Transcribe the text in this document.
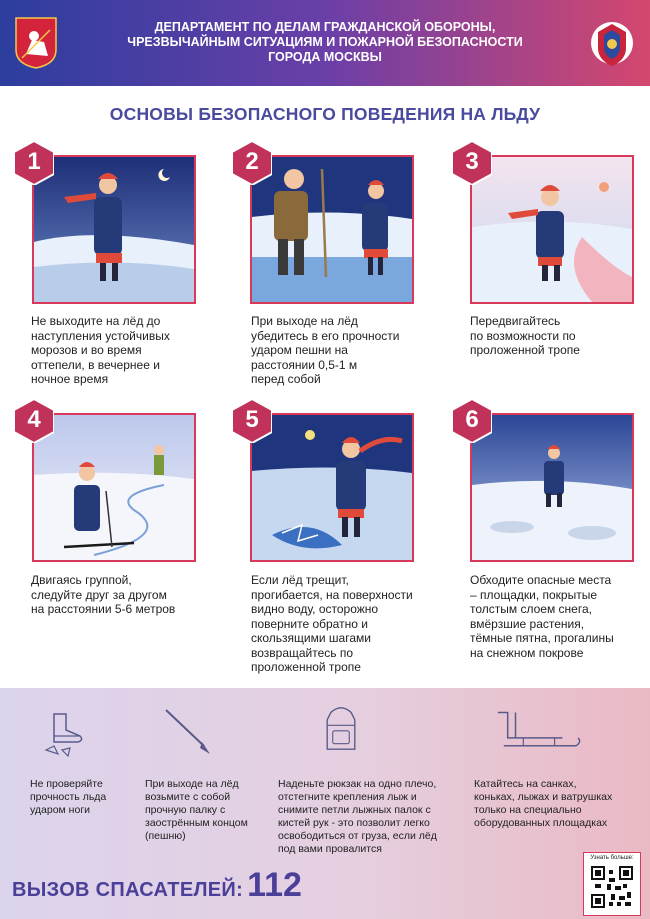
ДЕПАРТАМЕНТ ПО ДЕЛАМ ГРАЖДАНСКОЙ ОБОРОНЫ,
ЧРЕЗВЫЧАЙНЫМ СИТУАЦИЯМ И ПОЖАРНОЙ БЕЗОПАСНОСТИ
ГОРОДА МОСКВЫ
ОСНОВЫ БЕЗОПАСНОГО ПОВЕДЕНИЯ НА ЛЬДУ
1	2	3
4	5	6
Не выходите на лёд до
наступления устойчивых
морозов и во время
оттепели, в вечернее и
ночное время
При выходе на лёд
убедитесь в его прочности
ударом пешни на
расстоянии 0,5-1 м
перед собой
Передвигайтесь
по возможности по
проложенной тропе
Двигаясь группой,
следуйте друг за другом
на расстоянии 5-6 метров
Если лёд трещит,
прогибается, на поверхности
видно воду, осторожно
поверните обратно и
скользящими шагами
возвращайтесь по
проложенной тропе
Обходите опасные места
– площадки, покрытые
толстым слоем снега,
вмёрзшие растения,
тёмные пятна, прогалины
на снежном покрове
Не проверяйте
прочность льда
ударом ноги
При выходе на лёд
возьмите с собой
прочную палку с
заострённым концом
(пешню)
Наденьте рюкзак на одно плечо,
отстегните крепления лыж и
снимите петли лыжных палок с
кистей рук - это позволит легко
освободиться от груза, если лёд
под вами провалится
Катайтесь на санках,
коньках, лыжах и ватрушках
только на специально
оборудованных площадках
ВЫЗОВ СПАСАТЕЛЕЙ: 112
Узнать больше:
